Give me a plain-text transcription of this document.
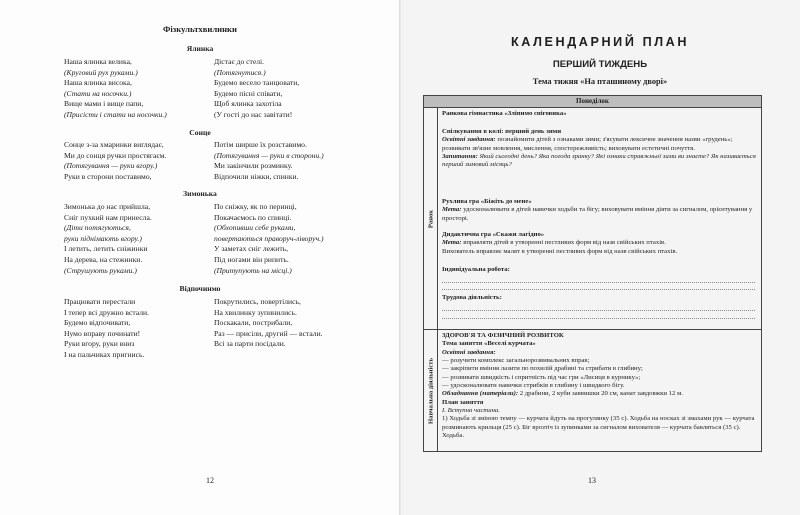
Фізкультхвилинки
Ялинка
Наша ялинка велика,
(Круговий рух руками.)
Наша ялинка висока,
(Стати на носочки.)
Вище мами і вище папи,
(Присісти і стати на носочки.)
Дістає до стелі.
(Потягнутися.)
Будемо весело танцювати,
Будемо пісні співати,
Щоб ялинка захотіла
(У гості до нас завітати!
Сонце
Сонце з-за хмаринки виглядає,
Ми до сонця ручки простягаєм.
(Потягування — руки вгору.)
Руки в сторони поставимо,
Потім ширше їх розставимо.
(Потягування — руки в сторони.)
Ми закінчили розминку.
Відпочили ніжки, спинки.
Зимонька
Зимонька до нас прийшла,
Сніг пухкий нам принесла.
(Діти потягуються,
руки піднімають вгору.)
І летить, летить сніжинки
На дерева, на стежинки.
(Струшують руками.)
По сніжку, як по перинці,
Покачаємось по спинці.
(Обхопивши себе руками,
повертаються праворуч-ліворуч.)
У заметах сніг лежить,
Під ногами він рипить.
(Притупують на місці.)
Відпочинмо
Працювати перестали
І тепер всі дружно встали.
Будемо відпочивати,
Нумо вправу починати!
Руки вгору, руки вниз
І на пальчиках пригнись.
Покрутились, повертілись,
На хвилинку зупинились.
Поскакали, пострибали,
Раз — присіли, другий — встали.
Всі за парти посідали.
12
КАЛЕНДАРНИЙ ПЛАН
ПЕРШИЙ ТИЖДЕНЬ
Тема тижня «На пташиному дворі»
Понеділок
Ранок
Навчальна діяльність
Ранкова гімнастика «Зліпимо сніговика»
Спілкування в колі: перший день зими
Освітні завдання: познайомити дітей з ознаками зими; з'ясувати лексичне значення назви «грудень»; розвивати зв'язне мовлення, мислення, спостережливість; виховувати естетичні почуття.
Запитання: Який сьогодні день? Яка погода зранку? Які ознаки справжньої зими ви знаєте? Як називається перший зимовий місяць?
Рухлива гра «Біжіть до мене»
Мета: удосконалювати в дітей навички ходьби та бігу; виховувати вміння діяти за сигналом, орієнтування у просторі.
Дидактична гра «Скажи лагідно»
Мета: вправляти дітей в утворенні пестливих форм від назв свійських птахів.
Вихователь вправляє малят в утворенні пестливих форм від назв свійських птахів.
Індивідуальна робота:
Трудова діяльність:
ЗДОРОВ'Я ТА ФІЗИЧНИЙ РОЗВИТОК
Тема заняття «Веселі курчата»
Освітні завдання:
— розучити комплекс загальнорозвивальних вправ;
— закріпити вміння лазити по похилій драбині та стрибати в глибину;
— розвивати швидкість і спритність під час гри «Лисиця в курнику»;
— удосконалювати навички стрибків в глибину і швидкого бігу.
Обладнання (матеріали): 2 драбини, 2 куби заввишки 20 см, канат завдовжки 12 м.
План заняття
І. Вступна частина.
1) Ходьба зі зміною темпу — курчата йдуть на прогулянку (35 с). Ходьба на носках зі змахами рук — курчата розминають крильця (25 с). Біг врозтіч із зупинками за сигналом вихователя — курчата бавляться (35 с). Ходьба.
13
